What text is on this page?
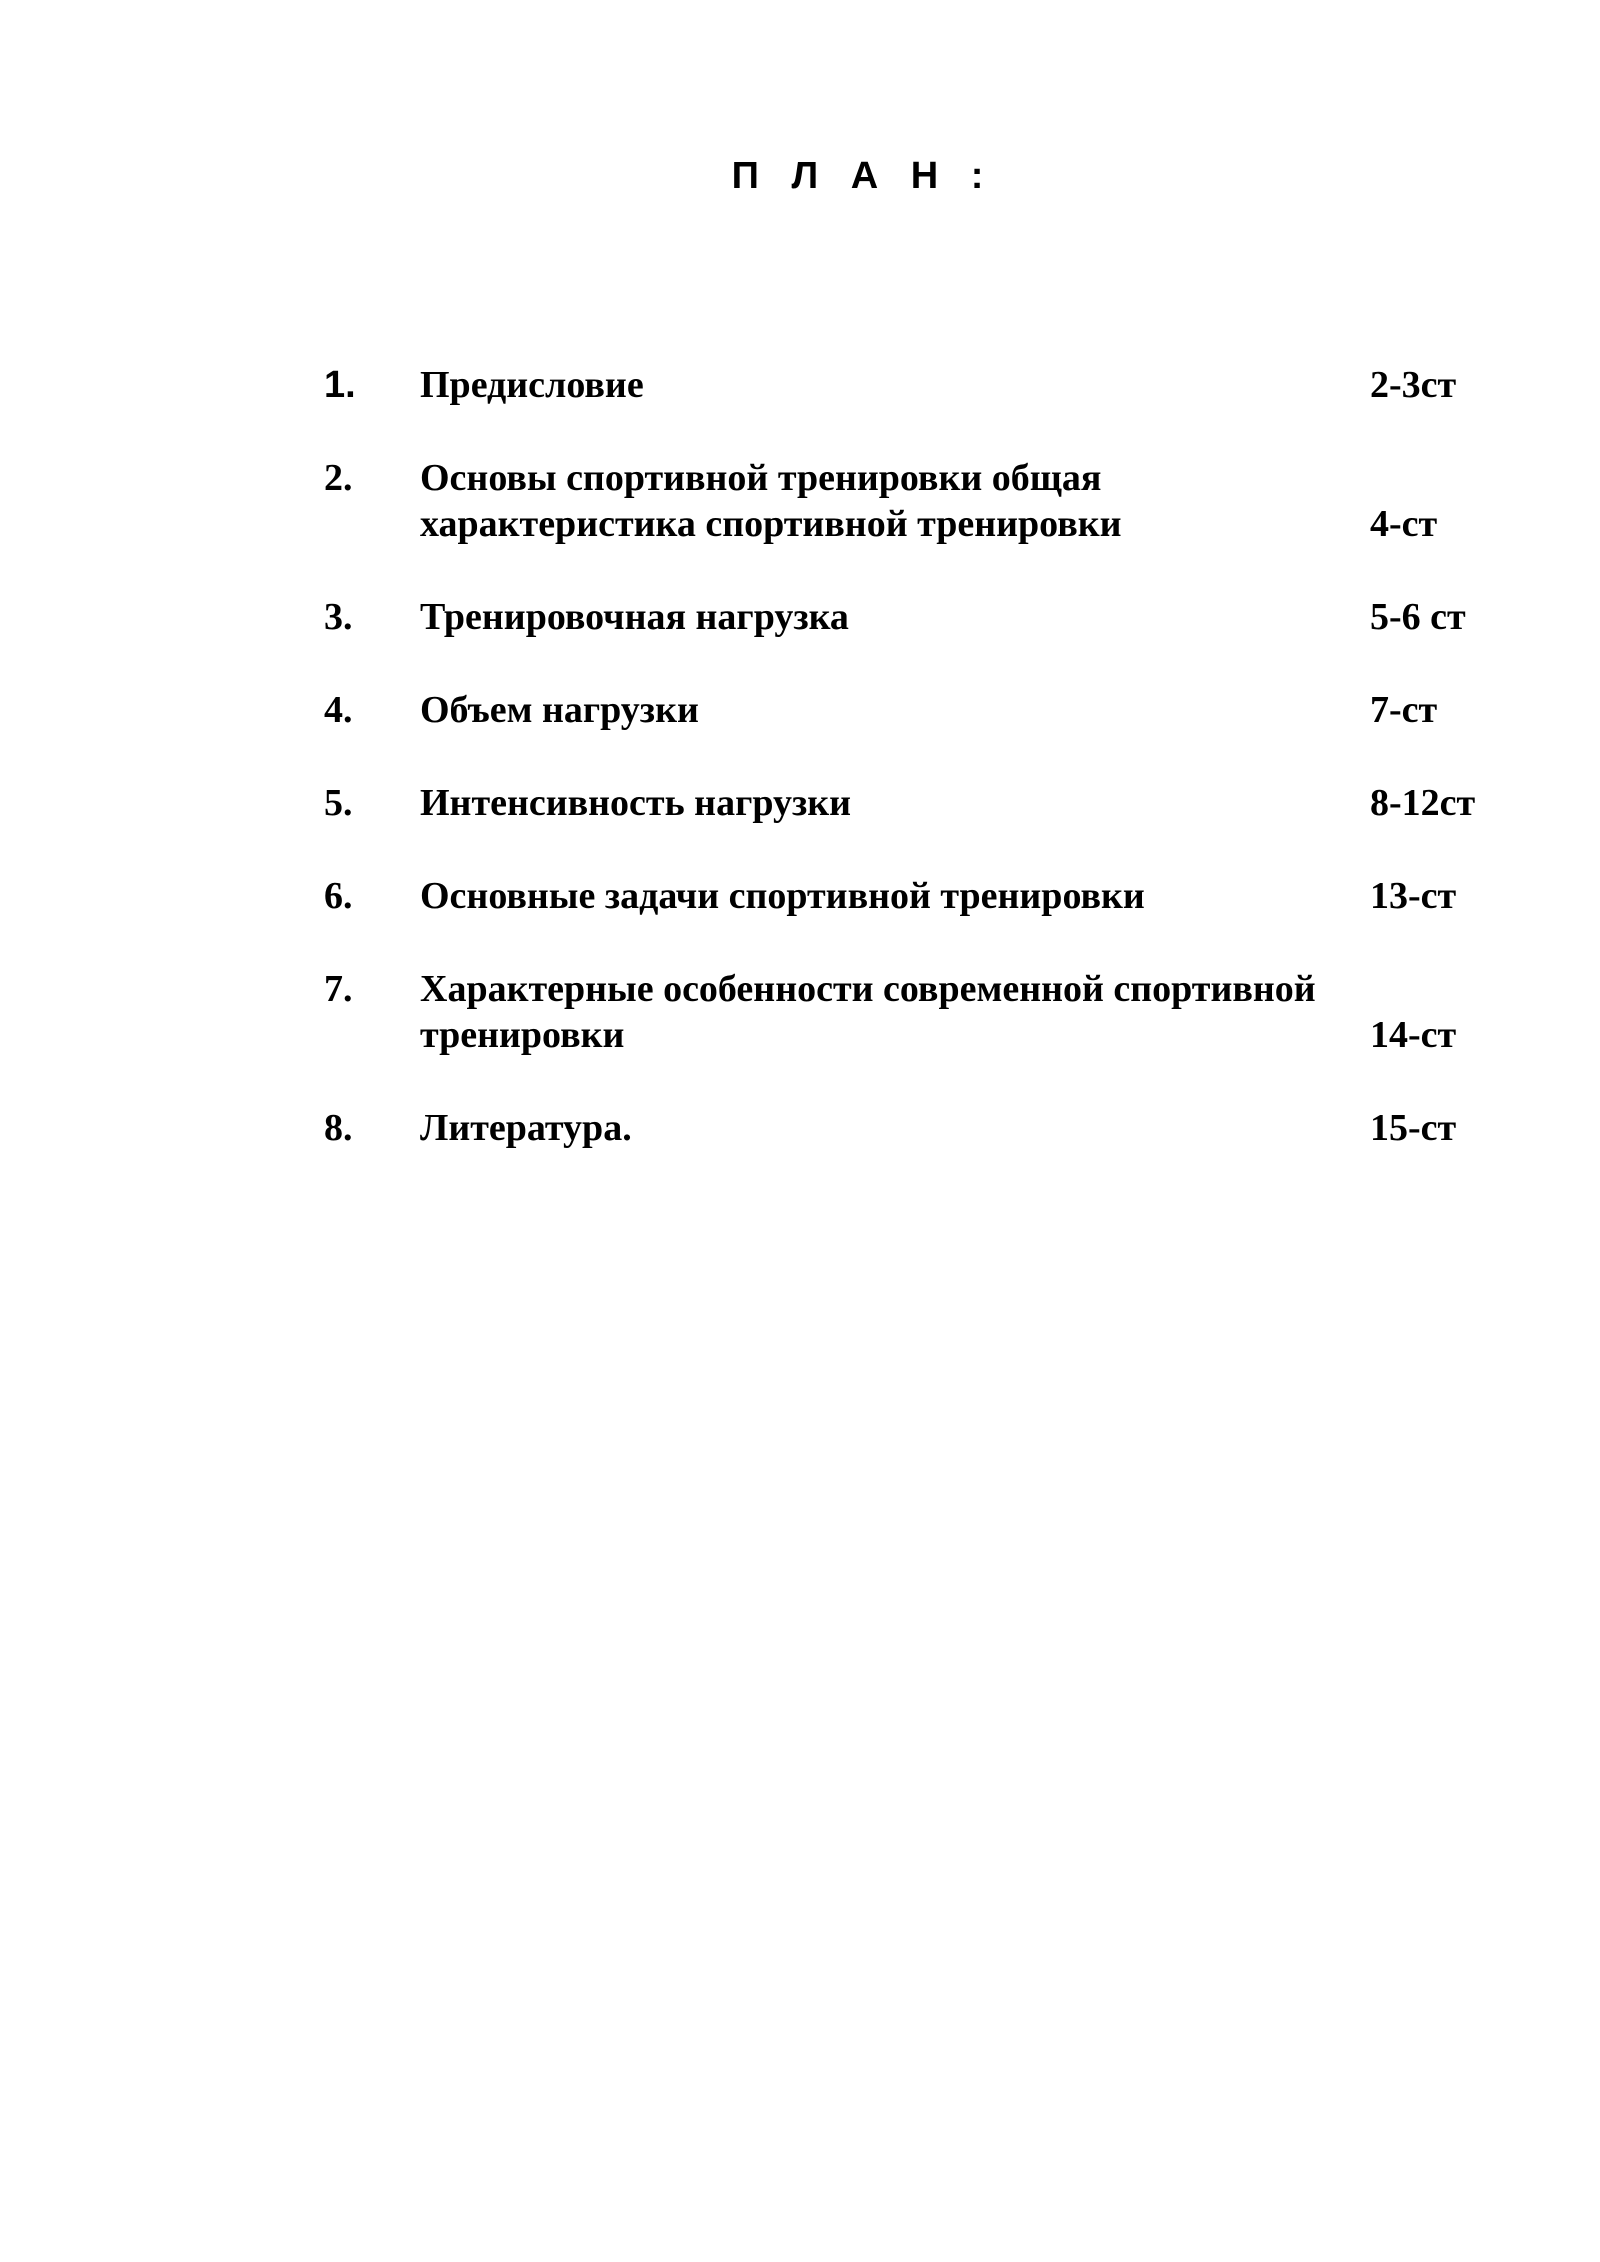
П Л А Н :
1. Предисловие	2-3ст
2. Основы спортивной тренировки общая
характеристика спортивной тренировки	4-ст
3. Тренировочная нагрузка	5-6 ст
4. Объем нагрузки	7-ст
5. Интенсивность нагрузки	8-12ст
6. Основные задачи спортивной тренировки	13-ст
7. Характерные особенности современной спортивной
тренировки	14-ст
8. Литература.	15-ст
